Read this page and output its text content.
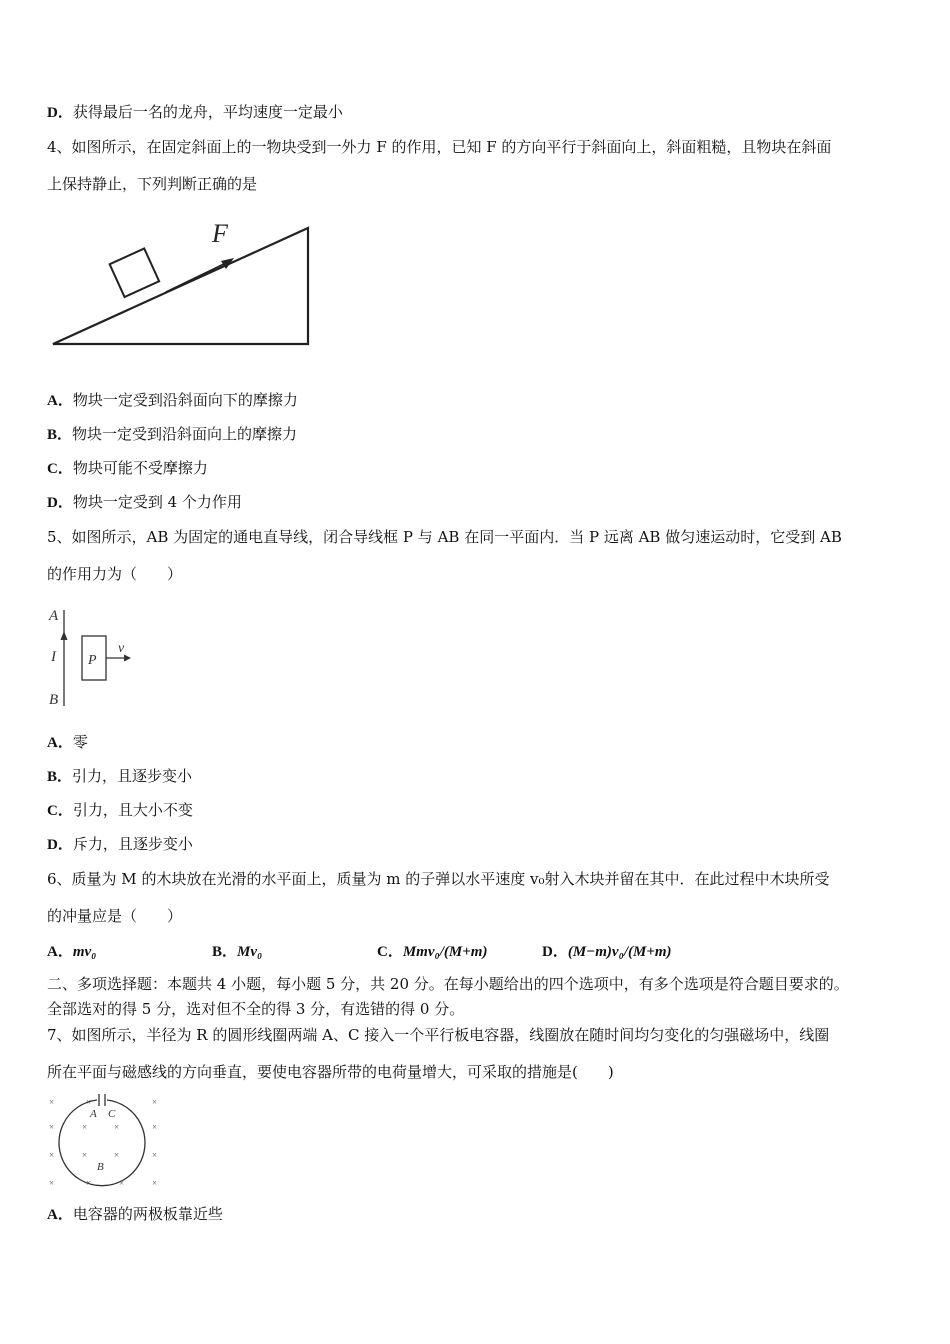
D．获得最后一名的龙舟，平均速度一定最小
4、如图所示，在固定斜面上的一物块受到一外力 F 的作用，已知 F 的方向平行于斜面向上，斜面粗糙，且物块在斜面
上保持静止，下列判断正确的是
F
A．物块一定受到沿斜面向下的摩擦力
B．物块一定受到沿斜面向上的摩擦力
C．物块可能不受摩擦力
D．物块一定受到 4 个力作用
5、如图所示，AB 为固定的通电直导线，闭合导线框 P 与 AB 在同一平面内．当 P 远离 AB 做匀速运动时，它受到 AB
的作用力为（　　）
A
I
B
P
v
A．零
B．引力，且逐步变小
C．引力，且大小不变
D．斥力，且逐步变小
6、质量为 M 的木块放在光滑的水平面上，质量为 m 的子弹以水平速度 v₀射入木块并留在其中．在此过程中木块所受
的冲量应是（　　）
A．mv₀	B．Mv₀	C．Mmv₀/(M+m)	D．(M−m)v₀/(M+m)
二、多项选择题：本题共 4 小题，每小题 5 分，共 20 分。在每小题给出的四个选项中，有多个选项是符合题目要求的。
全部选对的得 5 分，选对但不全的得 3 分，有选错的得 0 分。
7、如图所示，半径为 R 的圆形线圈两端 A、C 接入一个平行板电容器，线圈放在随时间均匀变化的匀强磁场中，线圈
所在平面与磁感线的方向垂直，要使电容器所带的电荷量增大，可采取的措施是(　　)
×	×	×
×	×	×	×
×	×	×	×
×	×	×	×
A C
B
A．电容器的两极板靠近些
